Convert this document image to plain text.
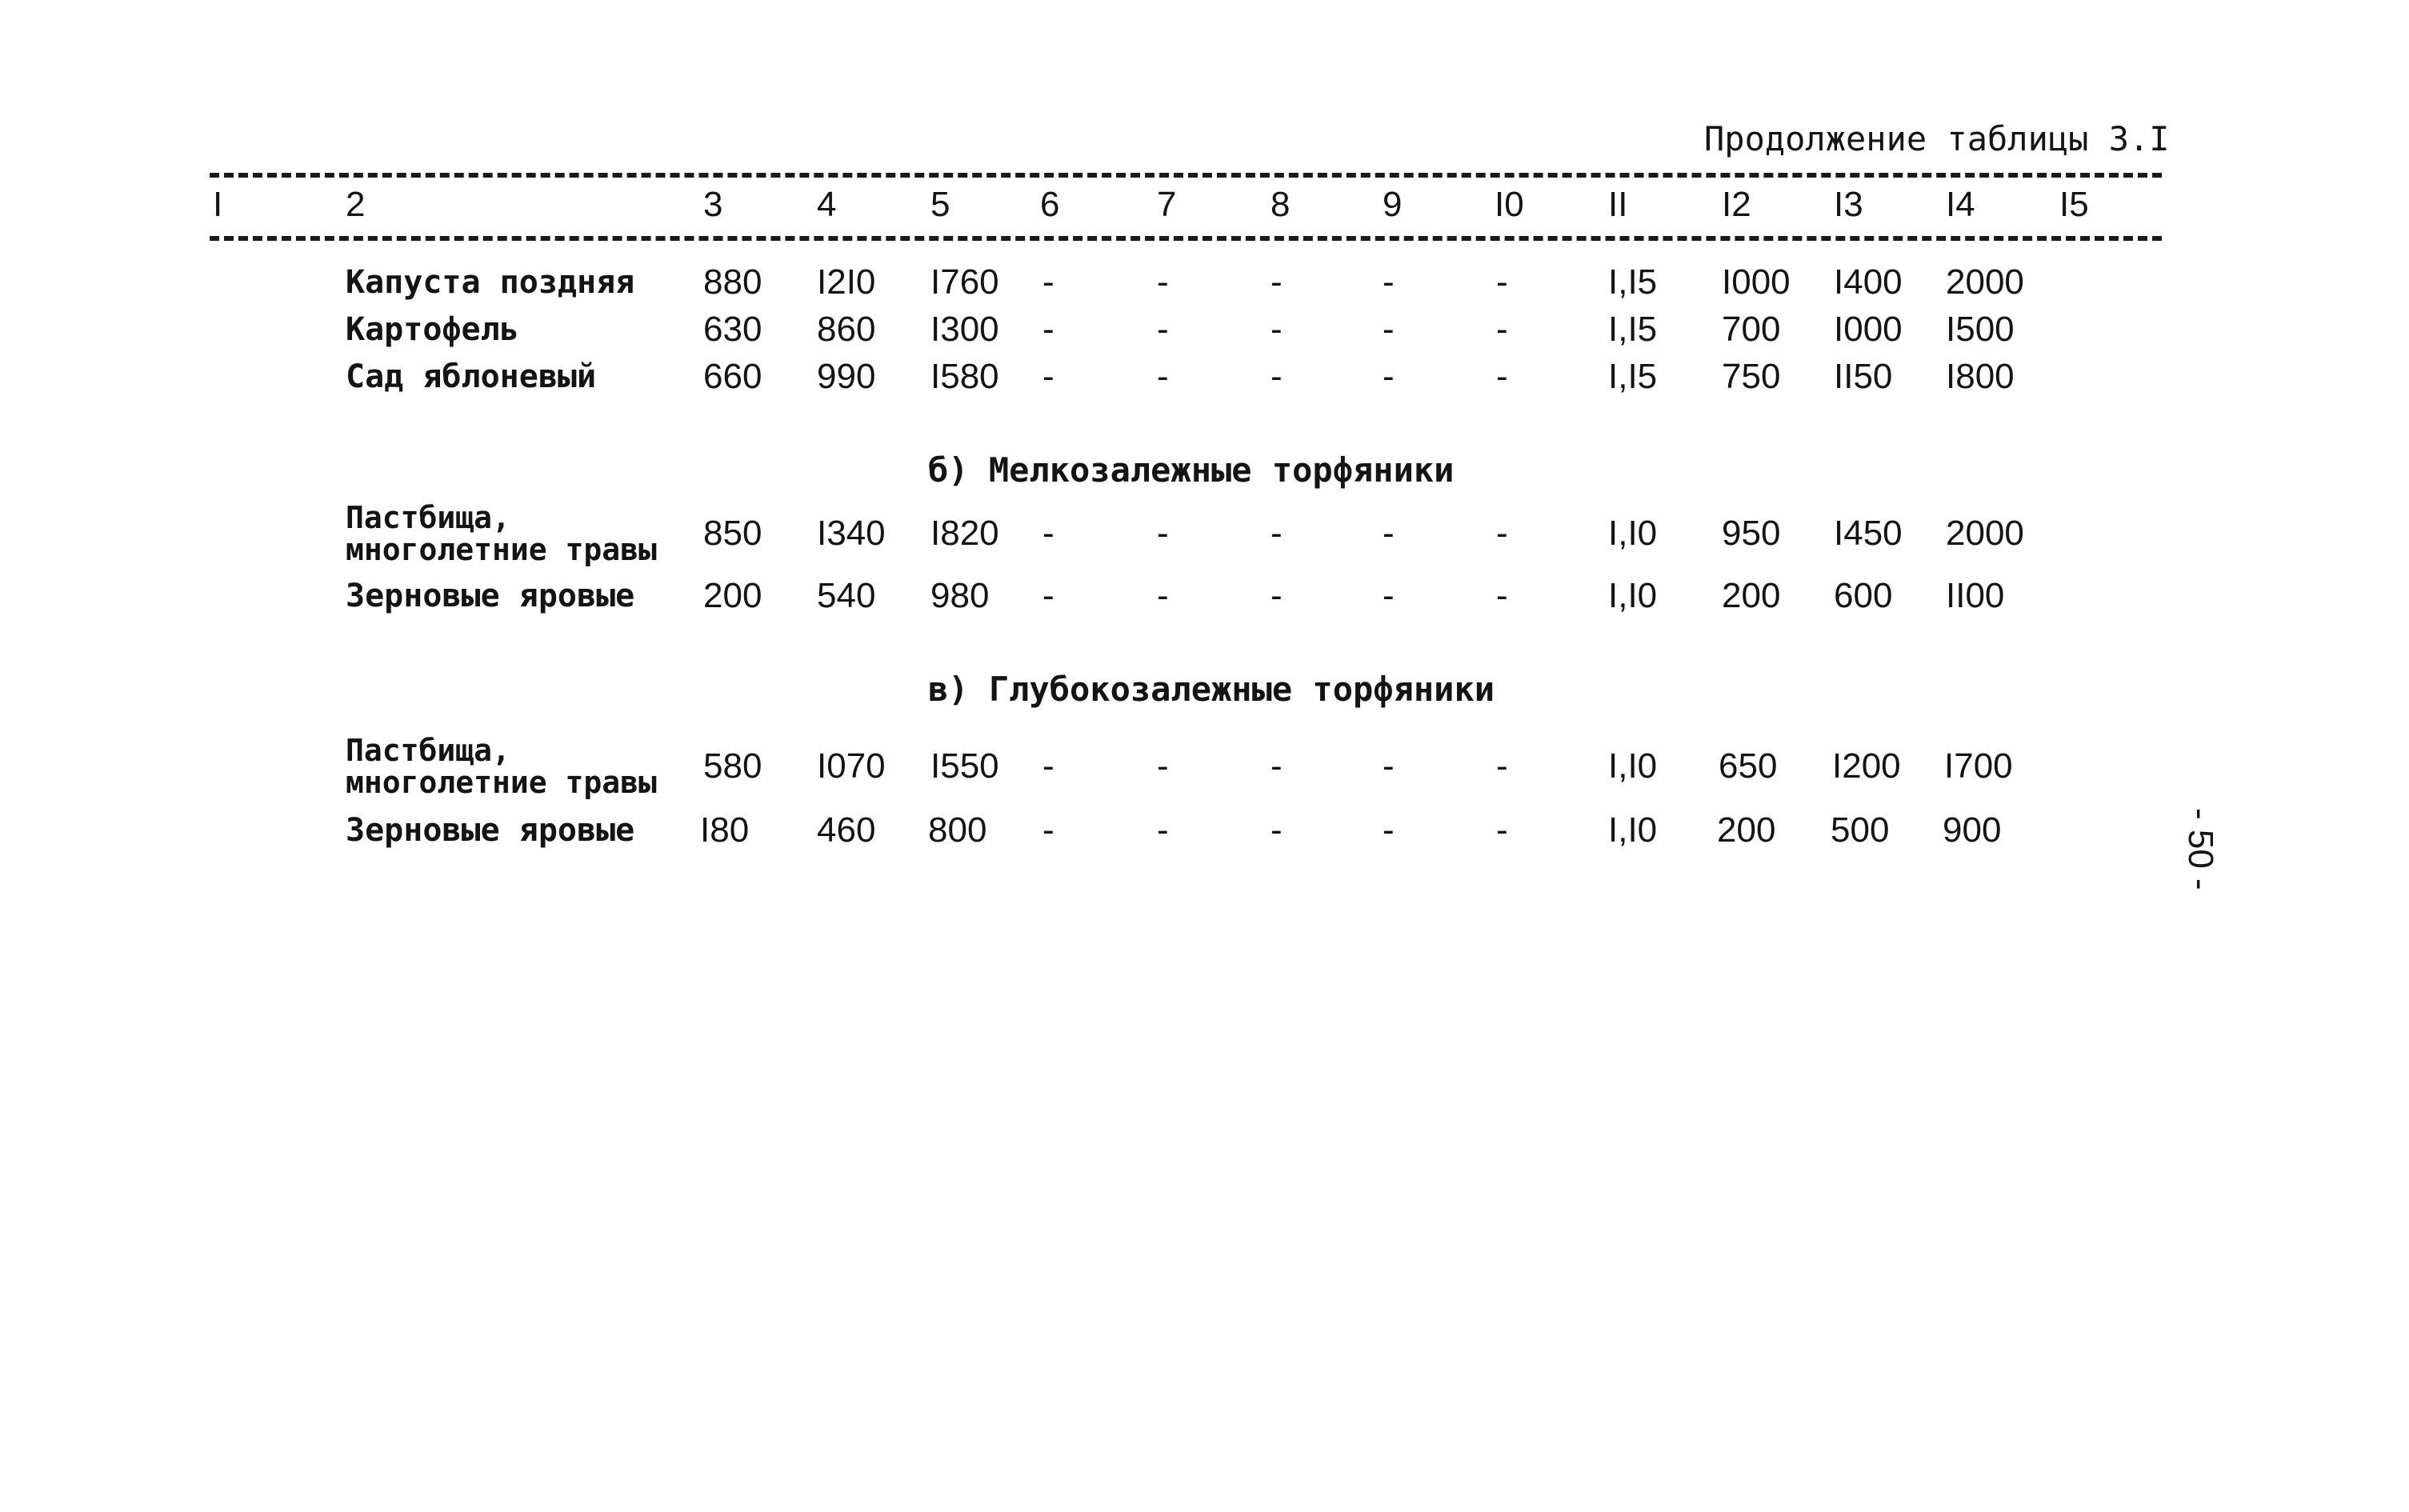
Продолжение таблицы 3.I
I	2	3	4	5	6	7	8	9	I0 II	I2 I3 I4 I5
Капуста поздняя 880 I2I0 I760 -	-	-	-	-	I,I5 I000 I400 2000
Картофель	630 860 I300 -	-	-	-	-	I,I5 700 I000 I500
Сад яблоневый	660 990 I580 -	-	-	-	-	I,I5 750 II50 I800
б) Мелкозалежные торфяники
Пастбища,
многолетние травы 850 I340 I820 -	-	-	-	-	I,I0 950 I450 2000
Зерновые яровые 200 540 980 -	-	-	-	-	I,I0 200 600 II00
в) Глубокозалежные торфяники
Пастбища,
многолетние травы 580 I070 I550 -	-	-	-	-	I,I0 650 I200 I700
Зерновые яровые I80 460 800 -	-	-	-	-	I,I0 200 500 900	- 50 -
